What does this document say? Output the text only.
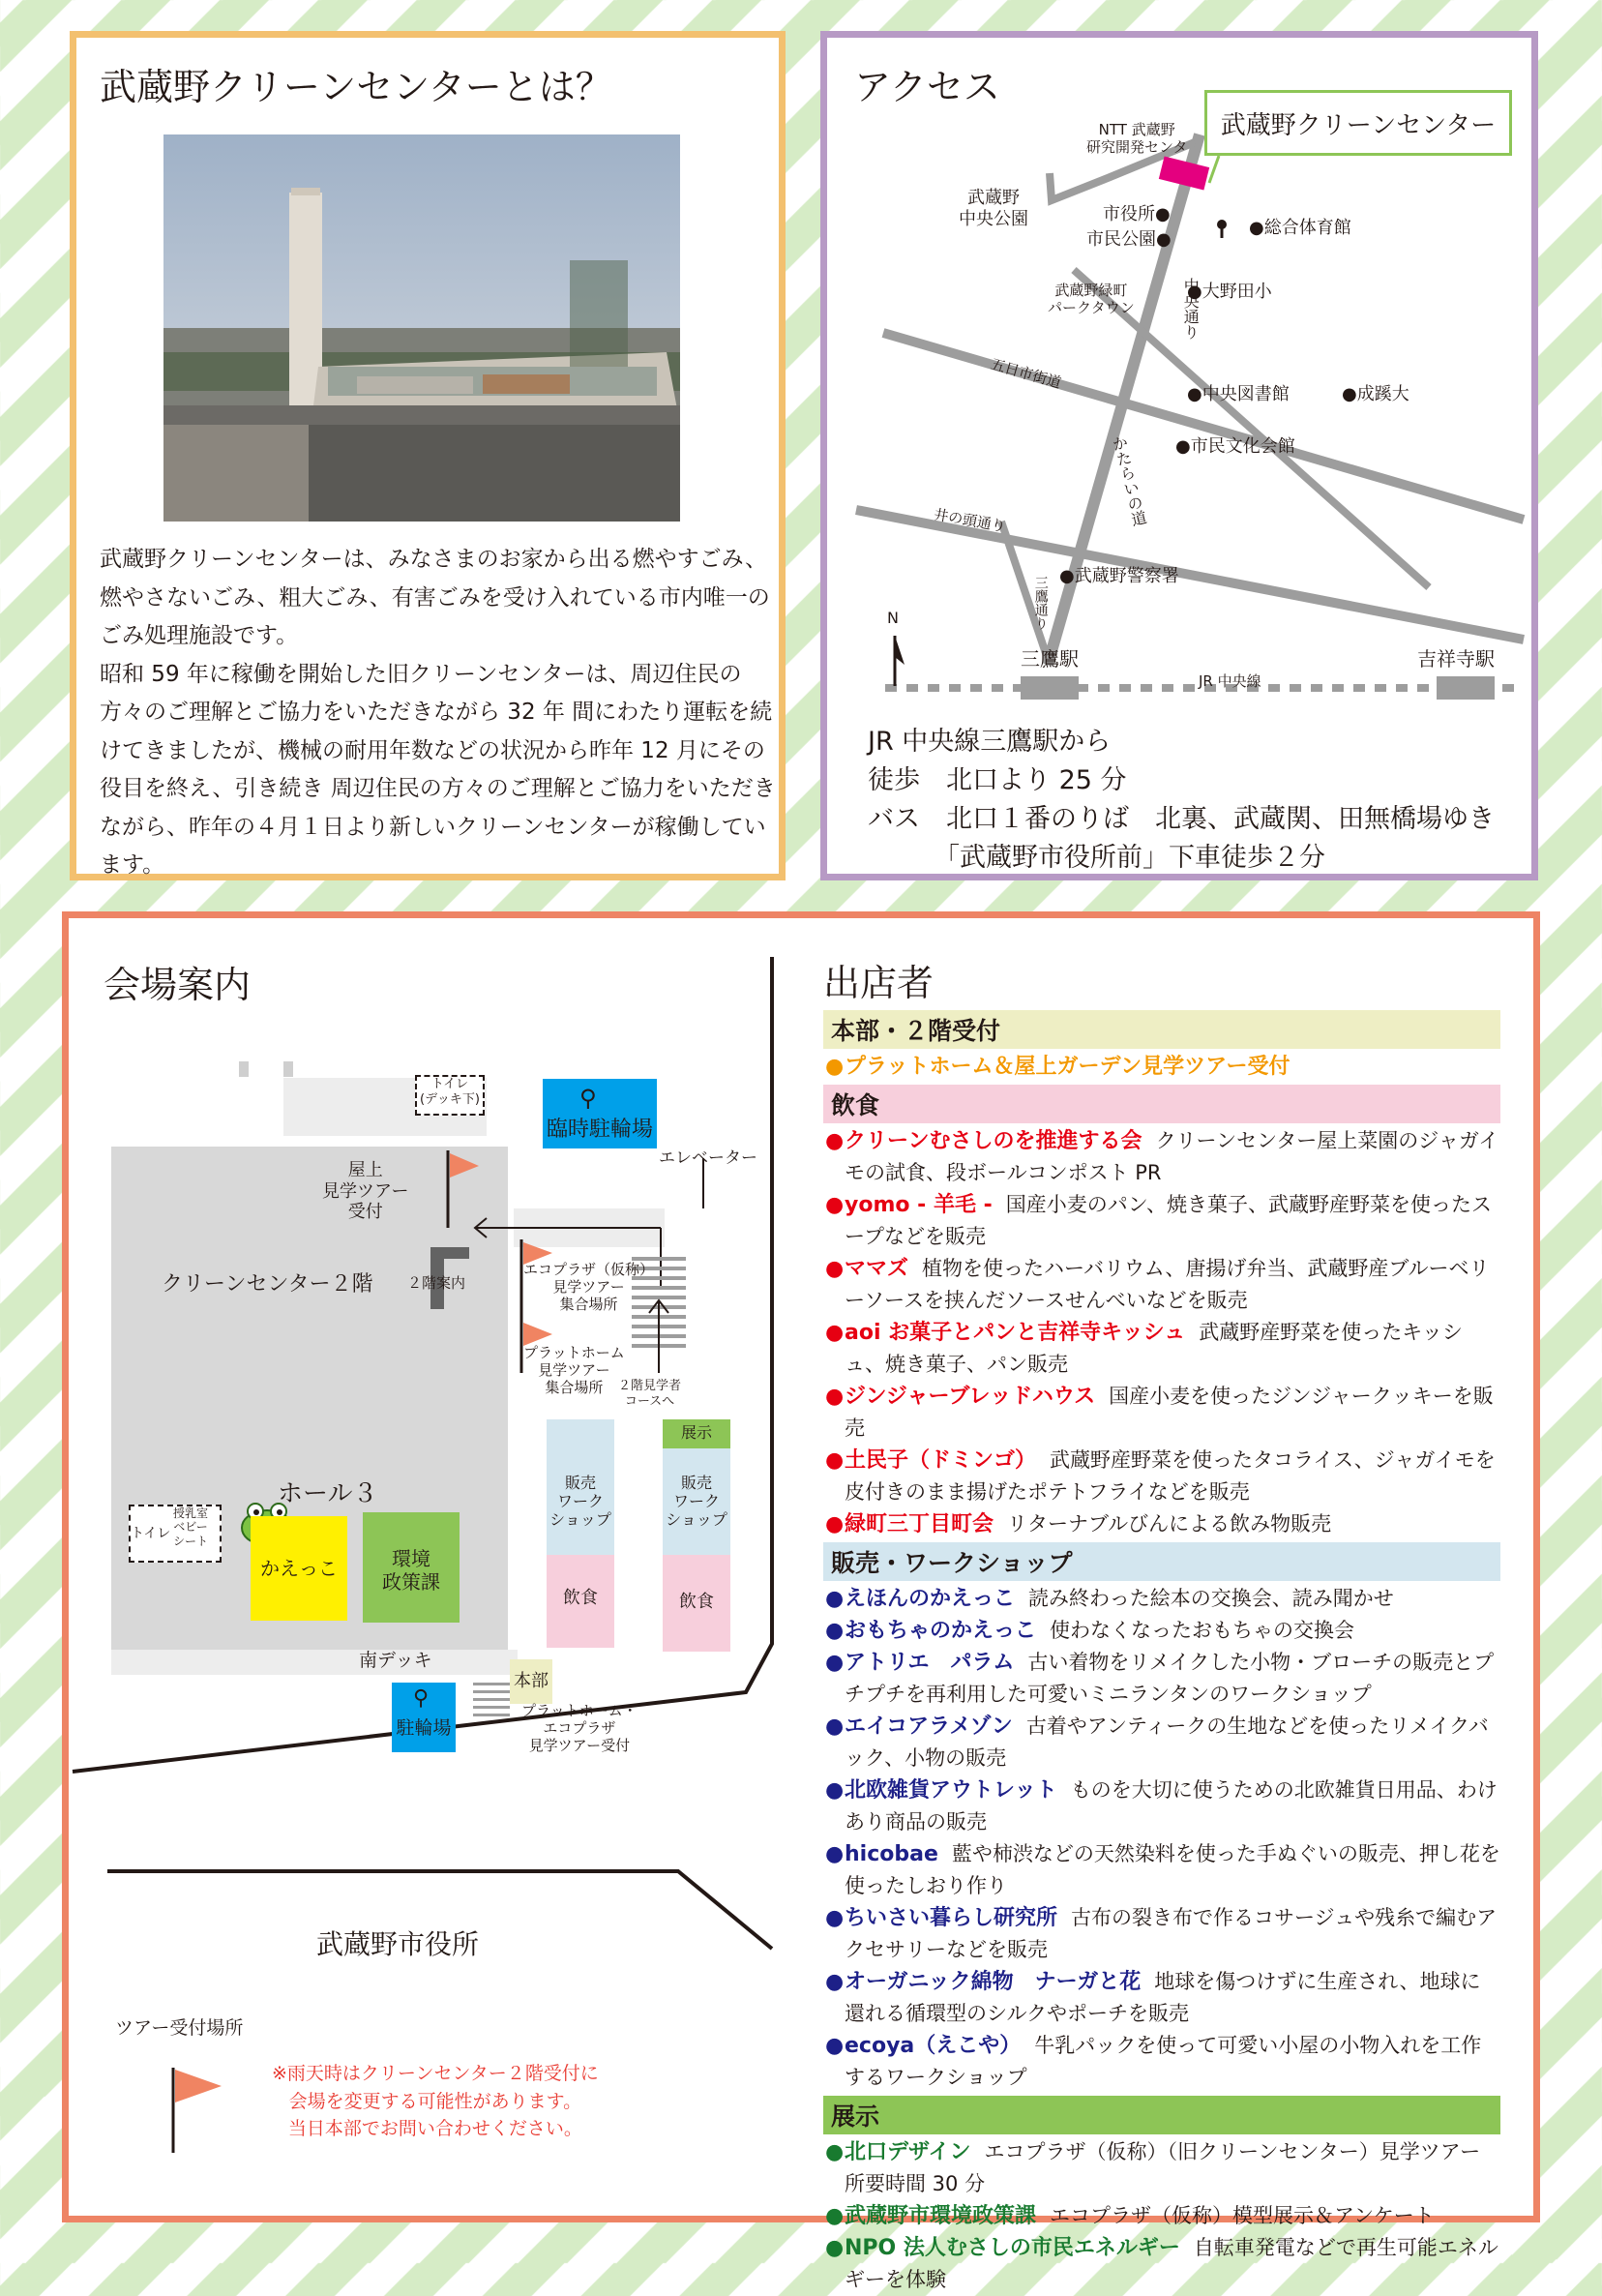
武蔵野クリーンセンターとは？

武蔵野クリーンセンターは、みなさまのお家から出る燃やすごみ、燃やさないごみ、粗大ごみ、有害ごみを受け入れている市内唯一のごみ処理施設です。

昭和 59 年に稼働を開始した旧クリーンセンターは、周辺住民の方々のご理解とご協力をいただきながら 32 年 間にわたり運転を続けてきましたが、機械の耐用年数などの状況から昨年 12 月にその役目を終え、引き続き 周辺住民の方々のご理解とご協力をいただきながら、昨年の４月１日より新しいクリーンセンターが稼働しています。

アクセス
武蔵野クリーンセンター
NTT 武蔵野
研究開発センタ
武蔵野
中央公園	市役所●
市民公園●
●総合体育館
武蔵野緑町
パークタウン	中央通り
●大野田小
五日市街道
●中央図書館	●成蹊大
かたらいの道 ●市民文化会館
井の頭通り
●武蔵野警察署
三鷹通り
N
三鷹駅	吉祥寺駅
JR 中央線
JR 中央線三鷹駅から
徒歩  北口より 25 分
バス  北口１番のりば　北裏、武蔵関、田無橋場ゆき
「武蔵野市役所前」下車徒歩２分
会場案内
トイレ
(デッキ下)
臨時駐輪場
⚲
エレベーター
屋上
見学ツアー
受付
クリーンセンター２階 ２階案内
エコプラザ（仮称）
見学ツアー
集合場所
プラットホーム
見学ツアー
集合場所	２階見学者
コースへ
販売
ワーク
ショップ
飲食
展示
販売
ワーク
ショップ
飲食
ホール３
トイレ
授乳室
ベビー
シート
かえっこ	環境
政策課
南デッキ
本部
駐輪場
⚲	プラットホーム・
エコプラザ
見学ツアー受付
武蔵野市役所
ツアー受付場所
※雨天時はクリーンセンター２階受付に
会場を変更する可能性があります。
当日本部でお問い合わせください。
出店者
本部・２階受付
● プラットホーム＆屋上ガーデン見学ツアー受付
飲食
● クリーンむさしのを推進する会 クリーンセンター屋上菜園のジャガイモの試食、段ボールコンポスト PR
● yomo - 羊毛 - 国産小麦のパン、焼き菓子、武蔵野産野菜を使ったスープなどを販売
● ママズ 植物を使ったハーバリウム、唐揚げ弁当、武蔵野産ブルーベリーソースを挟んだソースせんべいなどを販売
● aoi お菓子とパンと吉祥寺キッシュ 武蔵野産野菜を使ったキッシュ、焼き菓子、パン販売
● ジンジャーブレッドハウス 国産小麦を使ったジンジャークッキーを販売
● 土民子（ドミンゴ） 武蔵野産野菜を使ったタコライス、ジャガイモを皮付きのまま揚げたポテトフライなどを販売
● 緑町三丁目町会 リターナブルびんによる飲み物販売
販売・ワークショップ
● えほんのかえっこ 読み終わった絵本の交換会、読み聞かせ
● おもちゃのかえっこ 使わなくなったおもちゃの交換会
● アトリエ　パラム 古い着物をリメイクした小物・ブローチの販売とプチプチを再利用した可愛いミニランタンのワークショップ
● エイコアラメゾン 古着やアンティークの生地などを使ったリメイクバック、小物の販売
● 北欧雑貨アウトレット ものを大切に使うための北欧雑貨日用品、わけあり商品の販売
● hicobae 藍や柿渋などの天然染料を使った手ぬぐいの販売、押し花を使ったしおり作り
● ちいさい暮らし研究所 古布の裂き布で作るコサージュや残糸で編むアクセサリーなどを販売
● オーガニック綿物　ナーガと花 地球を傷つけずに生産され、地球に還れる循環型のシルクやポーチを販売
● ecoya（えこや） 牛乳パックを使って可愛い小屋の小物入れを工作するワークショップ
展示
● 北口デザイン エコプラザ（仮称）（旧クリーンセンター）見学ツアー　所要時間 30 分
● 武蔵野市環境政策課 エコプラザ（仮称）模型展示＆アンケート
● NPO 法人むさしの市民エネルギー 自転車発電などで再生可能エネルギーを体験
